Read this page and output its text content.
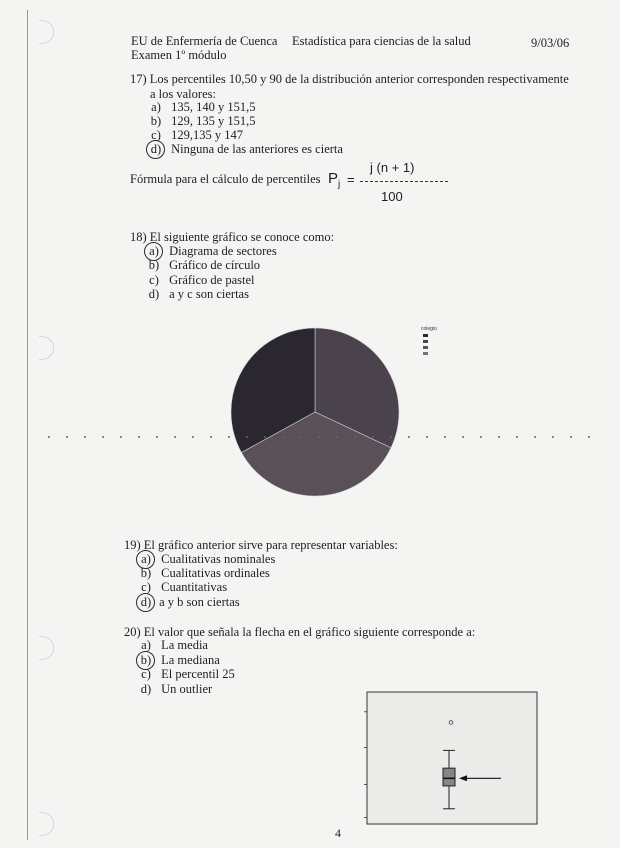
EU de Enfermería de Cuenca Estadística para ciencias de la salud	9/03/06
Examen 1º módulo
17) Los percentiles 10,50 y 90 de la distribución anterior corresponden respectivamente
a los valores:
a) 135, 140 y 151,5
b) 129, 135 y 151,5
c) 129,135 y 147
d) Ninguna de las anteriores es cierta
Fórmula para el cálculo de percentiles $P_j$ =
j (n + 1)
100
18) El siguiente gráfico se conoce como:
a) Diagrama de sectores
b) Gráfico de círculo
c) Gráfico de pastel
d) a y c son ciertas
colegio
19) El gráfico anterior sirve para representar variables:
a) Cualitativas nominales
b) Cualitativas ordinales
c) Cuantitativas
d) a y b son ciertas
20) El valor que señala la flecha en el gráfico siguiente corresponde a:
a) La media
b) La mediana
c) El percentil 25
d) Un outlier
4
